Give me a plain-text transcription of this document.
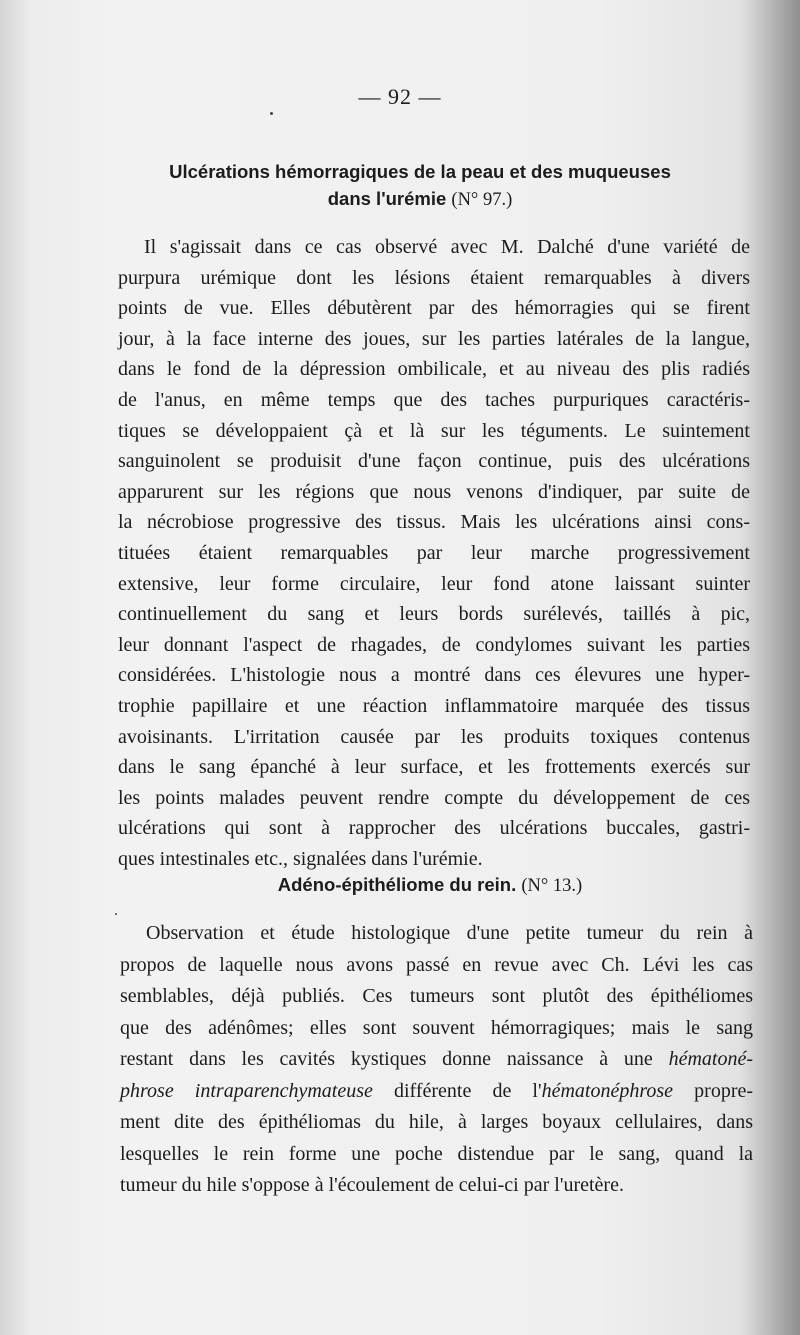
— 92 —
Ulcérations hémorragiques de la peau et des muqueuses
dans l'urémie (N° 97.)
Il s'agissait dans ce cas observé avec M. Dalché d'une variété de
purpura urémique dont les lésions étaient remarquables à divers
points de vue. Elles débutèrent par des hémorragies qui se firent
jour, à la face interne des joues, sur les parties latérales de la langue,
dans le fond de la dépression ombilicale, et au niveau des plis radiés
de l'anus, en même temps que des taches purpuriques caractéris-
tiques se développaient çà et là sur les téguments. Le suintement
sanguinolent se produisit d'une façon continue, puis des ulcérations
apparurent sur les régions que nous venons d'indiquer, par suite de
la nécrobiose progressive des tissus. Mais les ulcérations ainsi cons-
tituées étaient remarquables par leur marche progressivement
extensive, leur forme circulaire, leur fond atone laissant suinter
continuellement du sang et leurs bords surélevés, taillés à pic,
leur donnant l'aspect de rhagades, de condylomes suivant les parties
considérées. L'histologie nous a montré dans ces élevures une hyper-
trophie papillaire et une réaction inflammatoire marquée des tissus
avoisinants. L'irritation causée par les produits toxiques contenus
dans le sang épanché à leur surface, et les frottements exercés sur
les points malades peuvent rendre compte du développement de ces
ulcérations qui sont à rapprocher des ulcérations buccales, gastri-
ques intestinales etc., signalées dans l'urémie.
Adéno-épithéliome du rein. (N° 13.)
Observation et étude histologique d'une petite tumeur du rein à
propos de laquelle nous avons passé en revue avec Ch. Lévi les cas
semblables, déjà publiés. Ces tumeurs sont plutôt des épithéliomes
que des adénômes; elles sont souvent hémorragiques; mais le sang
restant dans les cavités kystiques donne naissance à une hématoné-
phrose intraparenchymateuse différente de l'hématonéphrose propre-
ment dite des épithéliomas du hile, à larges boyaux cellulaires, dans
lesquelles le rein forme une poche distendue par le sang, quand la
tumeur du hile s'oppose à l'écoulement de celui-ci par l'uretère.
